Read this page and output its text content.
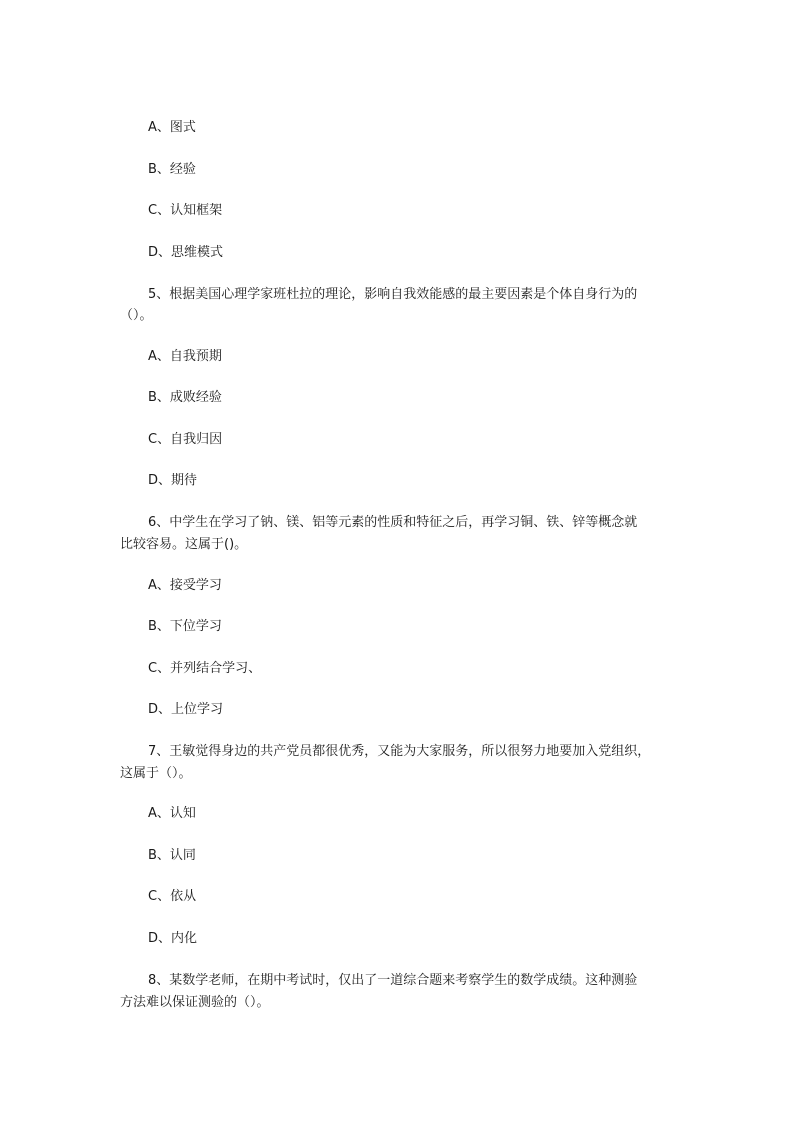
A、图式

B、经验

C、认知框架

D、思维模式

5、根据美国心理学家班杜拉的理论，影响自我效能感的最主要因素是个体自身行为的

（）。

A、自我预期

B、成败经验

C、自我归因

D、期待

6、中学生在学习了钠、镁、铝等元素的性质和特征之后，再学习铜、铁、锌等概念就

比较容易。这属于()。

A、接受学习

B、下位学习

C、并列结合学习、

D、上位学习

7、王敏觉得身边的共产党员都很优秀，又能为大家服务，所以很努力地要加入党组织，

这属于（）。

A、认知

B、认同

C、依从

D、内化

8、某数学老师，在期中考试时，仅出了一道综合题来考察学生的数学成绩。这种测验

方法难以保证测验的（）。
